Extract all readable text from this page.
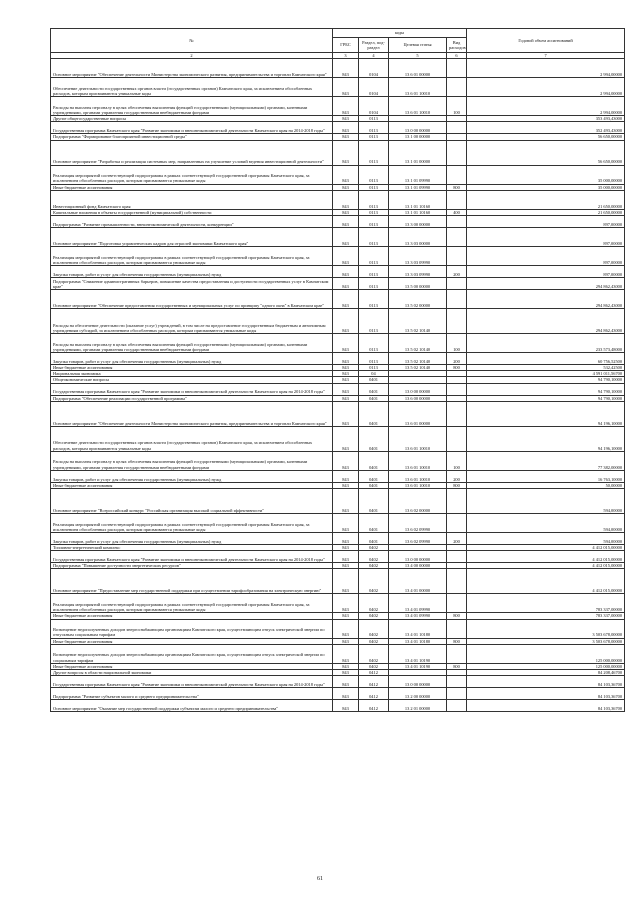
№	коды				Годовой объем ассигнований
	ГРБС	Раздел, под-раздел	Целевая статья	Вид расходов	
2	3	4	5	6	7
Основное мероприятие "Обеспечение деятельности Министерства экономического развития, предпринимательства и торговли Камчатского края"	843	0104	13 6 01 00000		2 994,00000
Обеспечение деятельности государственных органов власти (государственных органов) Камчатского края, за исключением обособленных расходов, которым присваиваются уникальные коды	843	0104	13 6 01 10010		2 994,00000
Расходы на выплаты персоналу в целях обеспечения выполнения функций государственными (муниципальными) органами, казенными учреждениями, органами управления государственными внебюджетными фондами	843	0104	13 6 01 10010	100	2 994,00000
Другие общегосударственные вопросы	843	0113			353 493,43000
Государственная программа Камчатского края "Развитие экономики и внешнеэкономической деятельности Камчатского края на 2014-2018 годы"	843	0113	13 0 00 00000		352 493,43000
Подпрограмма "Формирование благоприятной инвестиционной среды"	843	0113	13 1 00 00000		56 650,00000
Основное мероприятие "Разработка и реализация системных мер, направленных на улучшение условий ведения инвестиционной деятельности"	843	0113	13 1 01 00000		56 650,00000
Реализация мероприятий соответствующей подпрограммы в рамках соответствующей государственной программы Камчатского края, за исключением обособленных расходов, которым присваиваются уникальные коды	843	0113	13 1 01 09990		35 000,00000
Иные бюджетные ассигнования	843	0113	13 1 01 09990	800	35 000,00000
Инвестиционный фонд Камчатского края	843	0113	13 1 01 10160		21 650,00000
Капитальные вложения в объекты государственной (муниципальной) собственности	843	0113	13 1 01 10160	400	21 650,00000
Подпрограмма "Развитие промышленности, внешнеэкономической деятельности, конкуренции"	843	0113	13 3 00 00000		897,00000
Основное мероприятие "Подготовка управленческих кадров для отраслей экономики Камчатского края"	843	0113	13 3 03 00000		897,00000
Реализация мероприятий соответствующей подпрограммы в рамках соответствующей государственной программы Камчатского края, за исключением обособленных расходов, которым присваиваются уникальные коды	843	0113	13 3 03 09990		897,00000
Закупка товаров, работ и услуг для обеспечения государственных (муниципальных) нужд	843	0113	13 3 03 09990	200	897,00000
Подпрограмма "Снижение административных барьеров, повышение качества предоставления и доступности государственных услуг в Камчатском крае"	843	0113	13 5 00 00000		294 862,43000
Основное мероприятие "Обеспечение предоставления государственных и муниципальных услуг по принципу "одного окна" в Камчатском крае"	843	0113	13 5 02 00000		294 862,43000
Расходы на обеспечение деятельности (оказание услуг) учреждений, в том числе на предоставление государственным бюджетным и автономным учреждениям субсидий, за исключением обособленных расходов, которым присваиваются уникальные коды	843	0113	13 5 02 10140		294 862,43000
Расходы на выплаты персоналу в целях обеспечения выполнения функций государственными (муниципальными) органами, казенными учреждениями, органами управления государственными внебюджетными фондами	843	0113	13 5 02 10140	100	233 573,48000
Закупка товаров, работ и услуг для обеспечения государственных (муниципальных) нужд	843	0113	13 5 02 10140	200	60 756,52500
Иные бюджетные ассигнования	843	0113	13 5 02 10140	800	532,42500
Национальная экономика	843	04			4 591 011,56700
Общеэкономические вопросы	843	0401			94 790,10000
Государственная программа Камчатского края "Развитие экономики и внешнеэкономической деятельности Камчатского края на 2014-2018 годы"	843	0401	13 0 00 00000		94 790,10000
Подпрограмма "Обеспечение реализации государственной программы"	843	0401	13 6 00 00000		94 790,10000
Основное мероприятие "Обеспечение деятельности Министерства экономического развития, предпринимательства и торговли Камчатского края"	843	0401	13 6 01 00000		94 196,10000
Обеспечение деятельности государственных органов власти (государственных органов) Камчатского края, за исключением обособленных расходов, которым присваиваются уникальные коды	843	0401	13 6 01 10010		94 196,10000
Расходы на выплаты персоналу в целях обеспечения выполнения функций государственными (муниципальными) органами, казенными учреждениями, органами управления государственными внебюджетными фондами	843	0401	13 6 01 10010	100	77 382,00000
Закупка товаров, работ и услуг для обеспечения государственных (муниципальных) нужд	843	0401	13 6 01 10010	200	16 763,10000
Иные бюджетные ассигнования	843	0401	13 6 01 10010	800	50,00000
Основное мероприятие "Всероссийский конкурс "Российская организация высокой социальной эффективности"	843	0401	13 6 02 00000		594,00000
Реализация мероприятий соответствующей подпрограммы в рамках соответствующей государственной программы Камчатского края, за исключением обособленных расходов, которым присваиваются уникальные коды	843	0401	13 6 02 09990		594,00000
Закупка товаров, работ и услуг для обеспечения государственных (муниципальных) нужд	843	0401	13 6 02 09990	200	594,00000
Топливно-энергетический комплекс	843	0402			4 412 015,00000
Государственная программа Камчатского края "Развитие экономики и внешнеэкономической деятельности Камчатского края на 2014-2018 годы"	843	0402	13 0 00 00000		4 412 015,00000
Подпрограмма "Повышение доступности энергетических ресурсов"	843	0402	13 4 00 00000		4 412 015,00000
Основное мероприятие "Предоставление мер государственной поддержки при осуществлении тарифообразования на электрическую энергию"	843	0402	13 4 01 00000		4 412 015,00000
Реализация мероприятий соответствующей подпрограммы в рамках соответствующей государственной программы Камчатского края, за исключением обособленных расходов, которым присваиваются уникальные коды	843	0402	13 4 01 09990		783 337,00000
Иные бюджетные ассигнования	843	0402	13 4 01 09990	800	783 337,00000
Возмещение недополученных доходов энергоснабжающим организациям Камчатского края, осуществляющим отпуск электрической энергии по отпускным социальным тарифам	843	0402	13 4 01 10180		3 503 678,00000
Иные бюджетные ассигнования	843	0402	13 4 01 10180	800	3 503 678,00000
Возмещение недополученных доходов энергоснабжающим организациям Камчатского края, осуществляющим отпуск электрической энергии по социальным тарифам	843	0402	13 4 01 10190		125 000,00000
Иные бюджетные ассигнования	843	0402	13 4 01 10190	800	125 000,00000
Другие вопросы в области национальной экономики	843	0412			84 208,46700
Государственная программа Камчатского края "Развитие экономики и внешнеэкономической деятельности Камчатского края на 2014-2018 годы"	843	0412	13 0 00 00000		84 103,36700
Подпрограмма "Развитие субъектов малого и среднего предпринимательства"	843	0412	13 2 00 00000		84 103,36700
Основное мероприятие "Оказание мер государственной поддержки субъектам малого и среднего предпринимательства"	843	0412	13 2 01 00000		84 103,36700
61
